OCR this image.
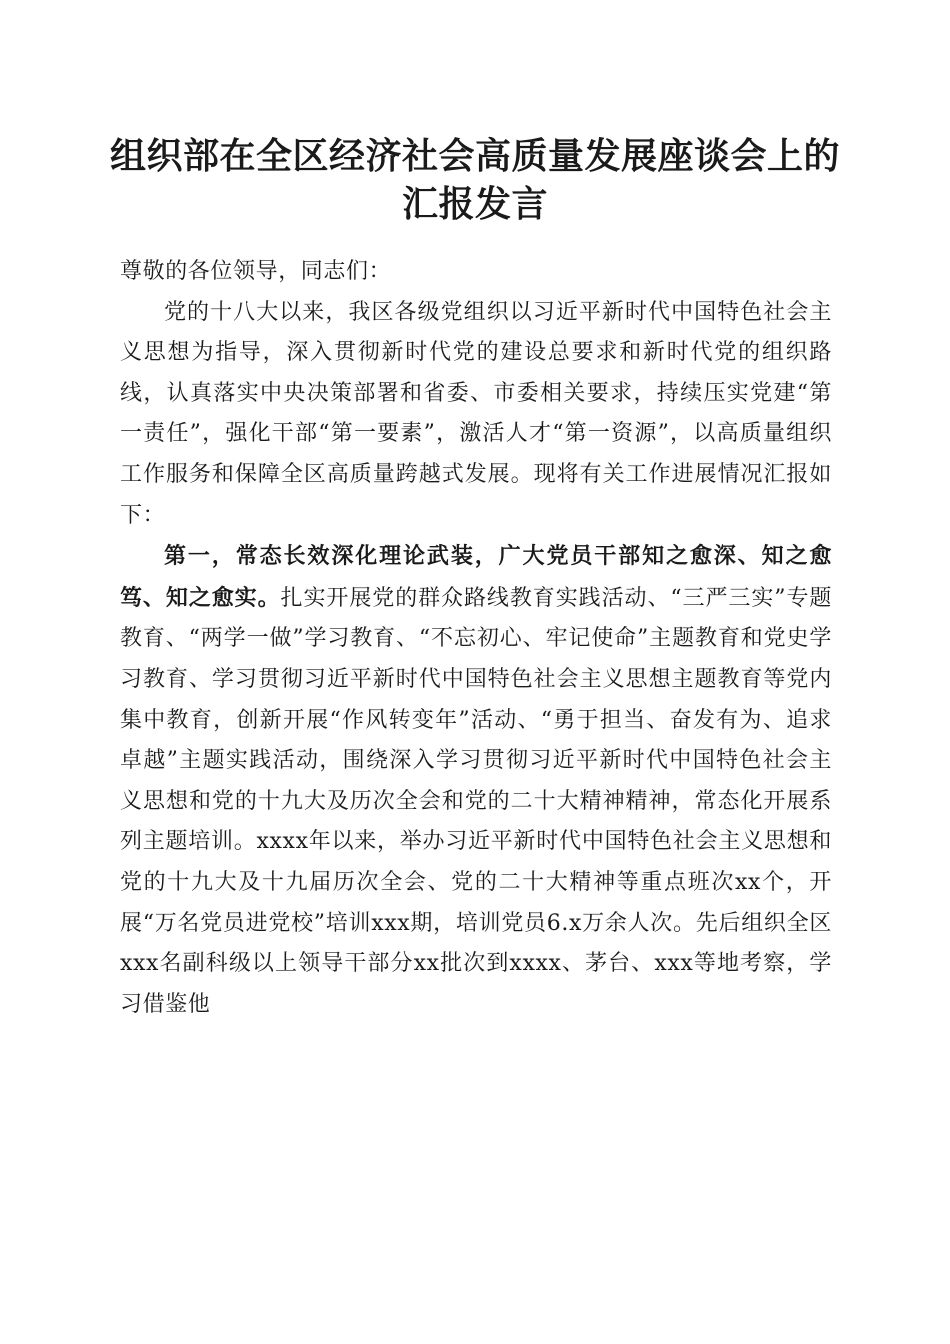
组织部在全区经济社会高质量发展座谈会上的
汇报发言

尊敬的各位领导，同志们：

党的十八大以来，我区各级党组织以习近平新时代中国特色社会主义思想为指导，深入贯彻新时代党的建设总要求和新时代党的组织路线，认真落实中央决策部署和省委、市委相关要求，持续压实党建“第一责任”，强化干部“第一要素”，激活人才“第一资源”，以高质量组织工作服务和保障全区高质量跨越式发展。现将有关工作进展情况汇报如下：

第一，常态长效深化理论武装，广大党员干部知之愈深、知之愈笃、知之愈实。扎实开展党的群众路线教育实践活动、“三严三实”专题教育、“两学一做”学习教育、“不忘初心、牢记使命”主题教育和党史学习教育、学习贯彻习近平新时代中国特色社会主义思想主题教育等党内集中教育，创新开展“作风转变年”活动、“勇于担当、奋发有为、追求卓越”主题实践活动，围绕深入学习贯彻习近平新时代中国特色社会主义思想和党的十九大及历次全会和党的二十大精神精神，常态化开展系列主题培训。xxxx年以来，举办习近平新时代中国特色社会主义思想和党的十九大及十九届历次全会、党的二十大精神等重点班次xx个，开展“万名党员进党校”培训xxx期，培训党员6.x万余人次。先后组织全区xxx名副科级以上领导干部分xx批次到xxxx、茅台、xxx等地考察，学习借鉴他
